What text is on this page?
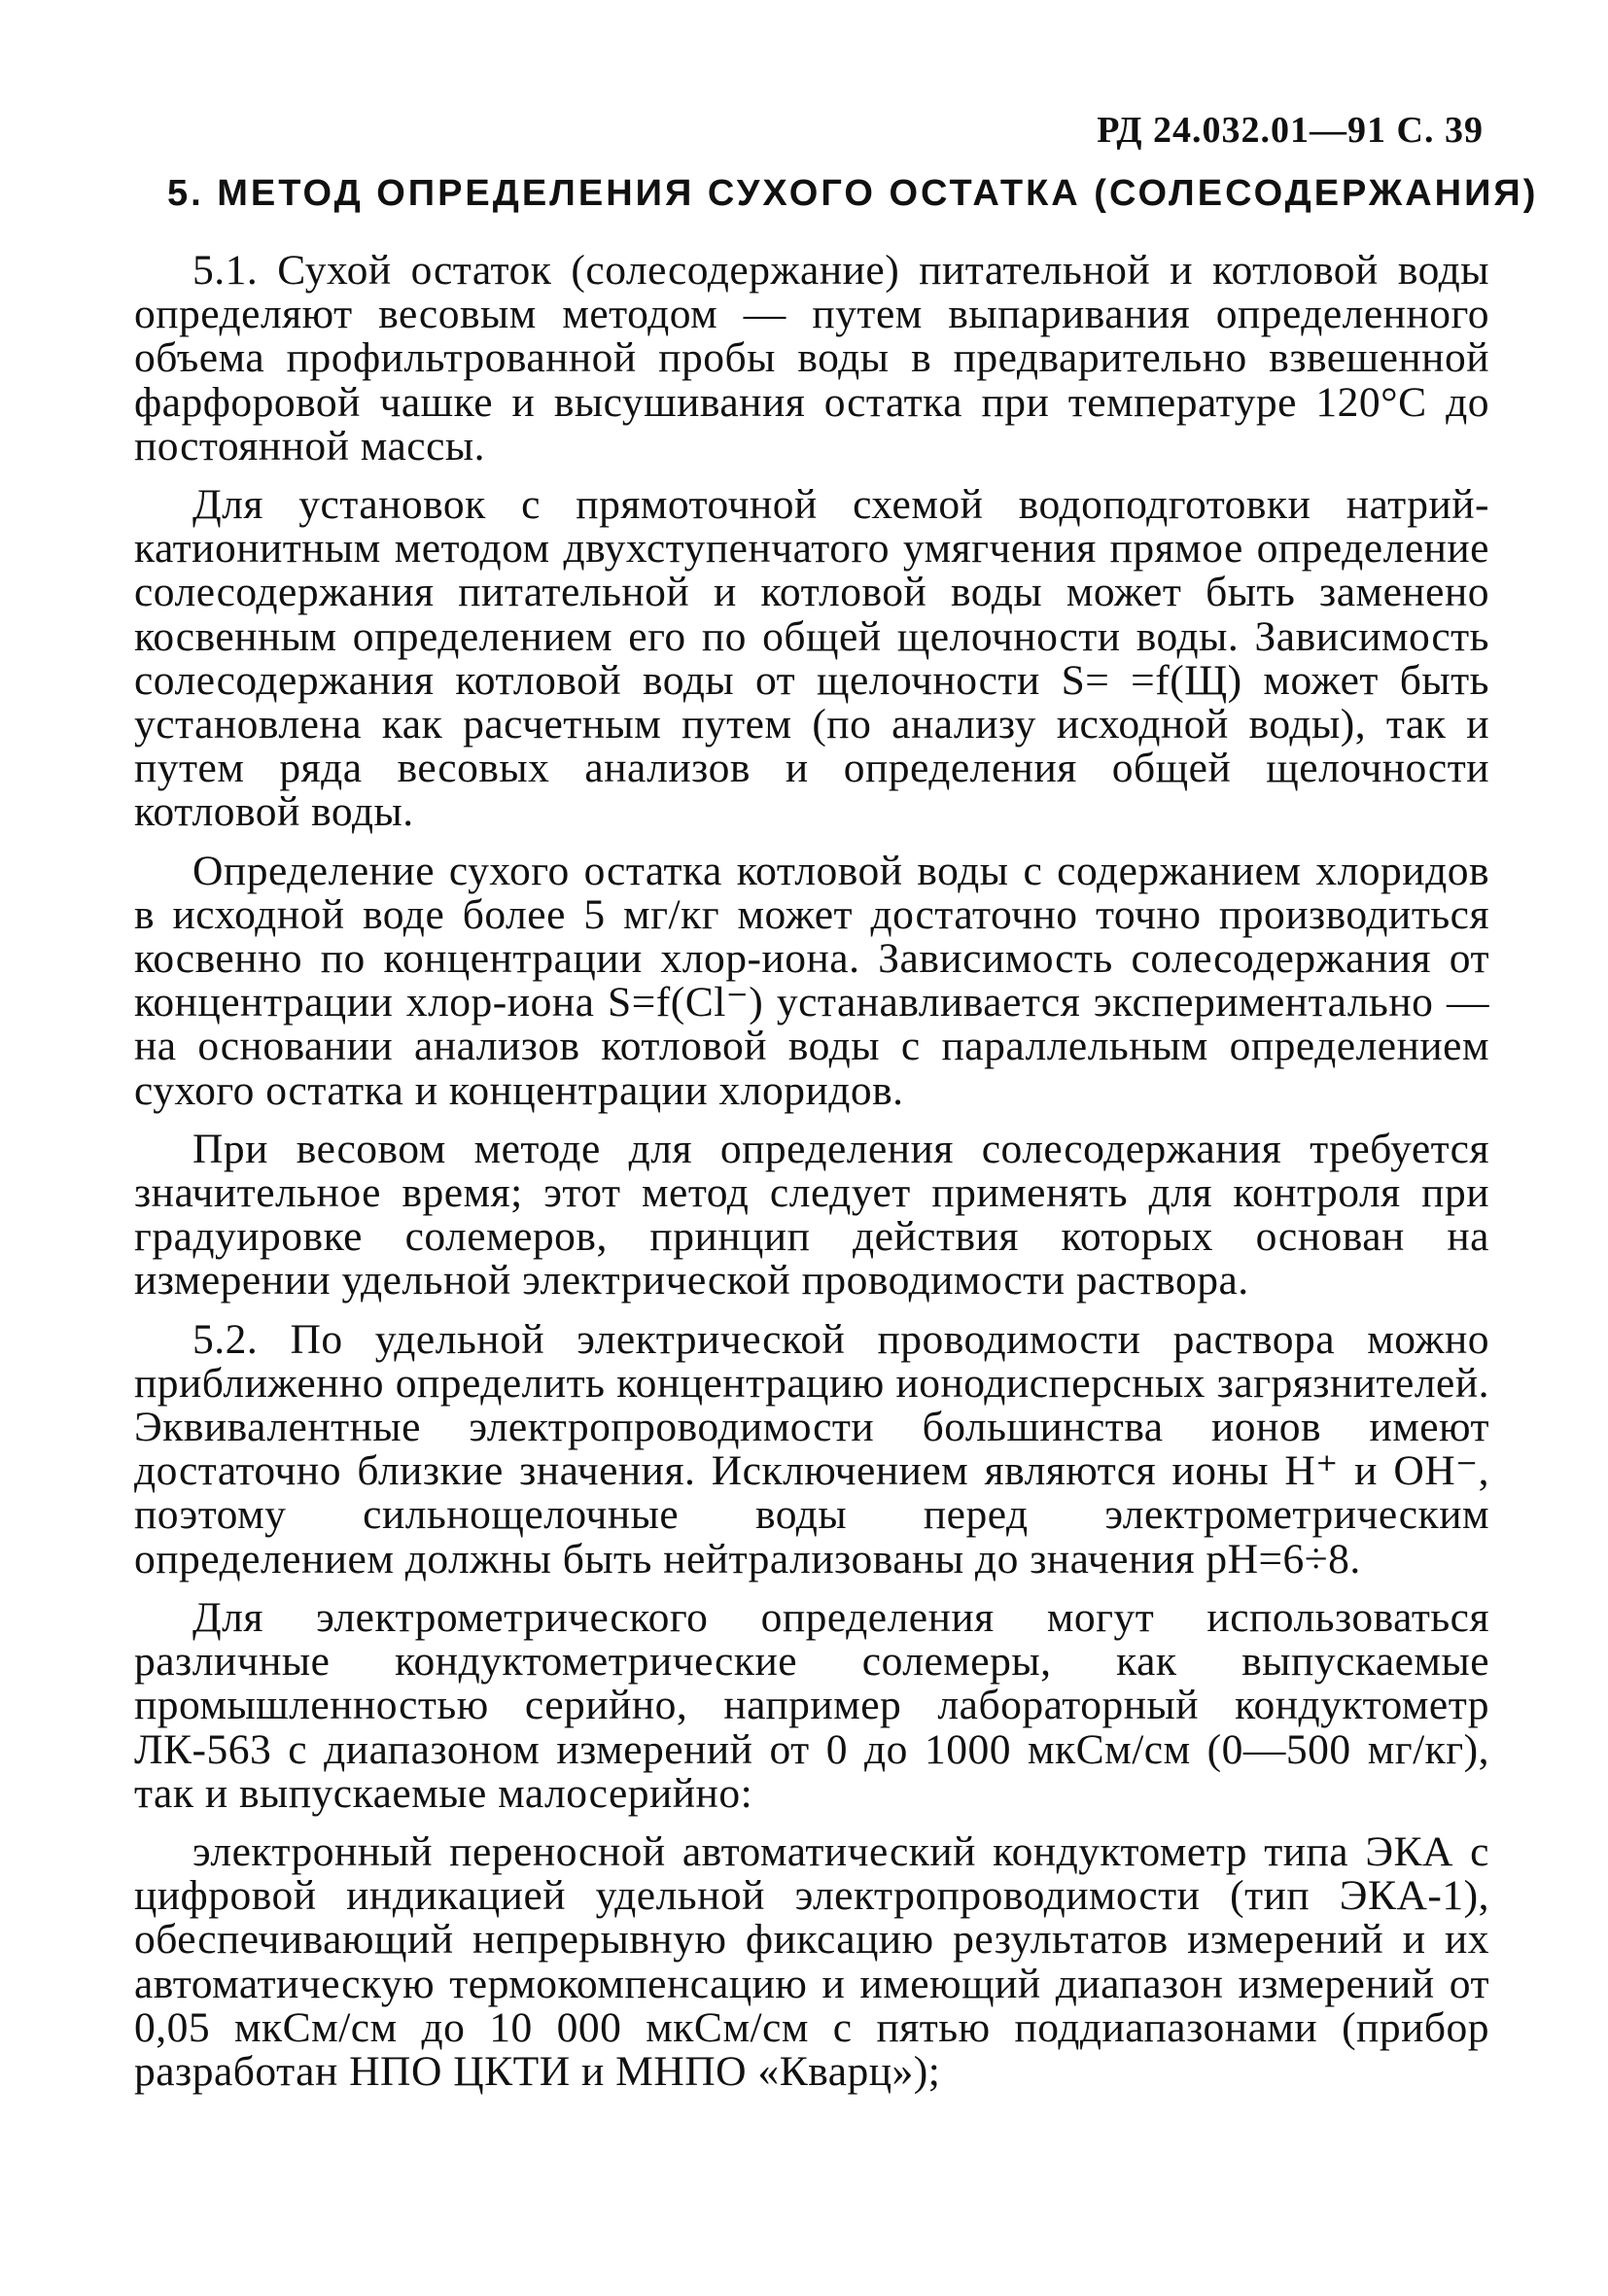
РД 24.032.01—91 С. 39
5. МЕТОД ОПРЕДЕЛЕНИЯ СУХОГО ОСТАТКА (СОЛЕСОДЕРЖАНИЯ)

5.1. Сухой остаток (солесодержание) питательной и котловой воды определяют весовым методом — путем выпаривания определенного объема профильтрованной пробы воды в предварительно взвешенной фарфоровой чашке и высушивания остатка при температуре 120°С до постоянной массы.

Для установок с прямоточной схемой водоподготовки натрий-катионитным методом двухступенчатого умягчения прямое определение солесодержания питательной и котловой воды может быть заменено косвенным определением его по общей щелочности воды. Зависимость солесодержания котловой воды от щелочности S= =f(Щ) может быть установлена как расчетным путем (по анализу исходной воды), так и путем ряда весовых анализов и определения общей щелочности котловой воды.

Определение сухого остатка котловой воды с содержанием хлоридов в исходной воде более 5 мг/кг может достаточно точно производиться косвенно по концентрации хлор-иона. Зависимость солесодержания от концентрации хлор-иона S=f(Cl⁻) устанавливается экспериментально — на основании анализов котловой воды с параллельным определением сухого остатка и концентрации хлоридов.

При весовом методе для определения солесодержания требуется значительное время; этот метод следует применять для контроля при градуировке солемеров, принцип действия которых основан на измерении удельной электрической проводимости раствора.

5.2. По удельной электрической проводимости раствора можно приближенно определить концентрацию ионодисперсных загрязнителей. Эквивалентные электропроводимости большинства ионов имеют достаточно близкие значения. Исключением являются ионы H⁺ и OH⁻, поэтому сильнощелочные воды перед электрометрическим определением должны быть нейтрализованы до значения pH=6÷8.

Для электрометрического определения могут использоваться различные кондуктометрические солемеры, как выпускаемые промышленностью серийно, например лабораторный кондуктометр ЛК-563 с диапазоном измерений от 0 до 1000 мкСм/см (0—500 мг/кг), так и выпускаемые малосерийно:

электронный переносной автоматический кондуктометр типа ЭКА с цифровой индикацией удельной электропроводимости (тип ЭКА-1), обеспечивающий непрерывную фиксацию результатов измерений и их автоматическую термокомпенсацию и имеющий диапазон измерений от 0,05 мкСм/см до 10 000 мкСм/см с пятью поддиапазонами (прибор разработан НПО ЦКТИ и МНПО «Кварц»);
